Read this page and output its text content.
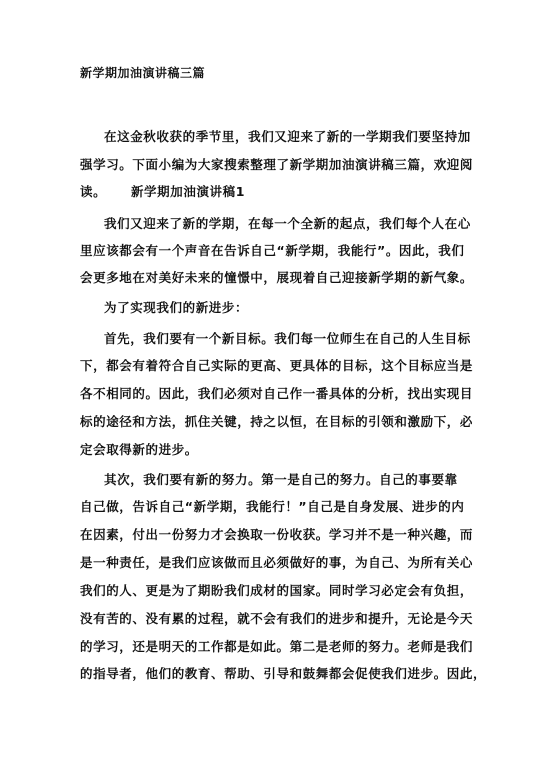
新学期加油演讲稿三篇
在这金秋收获的季节里，我们又迎来了新的一学期我们要坚持加
强学习。下面小编为大家搜索整理了新学期加油演讲稿三篇，欢迎阅
读。     新学期加油演讲稿1
我们又迎来了新的学期，在每一个全新的起点，我们每个人在心
里应该都会有一个声音在告诉自己“新学期，我能行”。因此，我们
会更多地在对美好未来的憧憬中，展现着自己迎接新学期的新气象。
为了实现我们的新进步：
首先，我们要有一个新目标。我们每一位师生在自己的人生目标
下，都会有着符合自己实际的更高、更具体的目标，这个目标应当是
各不相同的。因此，我们必须对自己作一番具体的分析，找出实现目
标的途径和方法，抓住关键，持之以恒，在目标的引领和激励下，必
定会取得新的进步。
其次，我们要有新的努力。第一是自己的努力。自己的事要靠
自己做，告诉自己“新学期，我能行！”自己是自身发展、进步的内
在因素，付出一份努力才会换取一份收获。学习并不是一种兴趣，而
是一种责任，是我们应该做而且必须做好的事，为自己、为所有关心
我们的人、更是为了期盼我们成材的国家。同时学习必定会有负担，
没有苦的、没有累的过程，就不会有我们的进步和提升，无论是今天
的学习，还是明天的工作都是如此。第二是老师的努力。老师是我们
的指导者，他们的教育、帮助、引导和鼓舞都会促使我们进步。因此，
